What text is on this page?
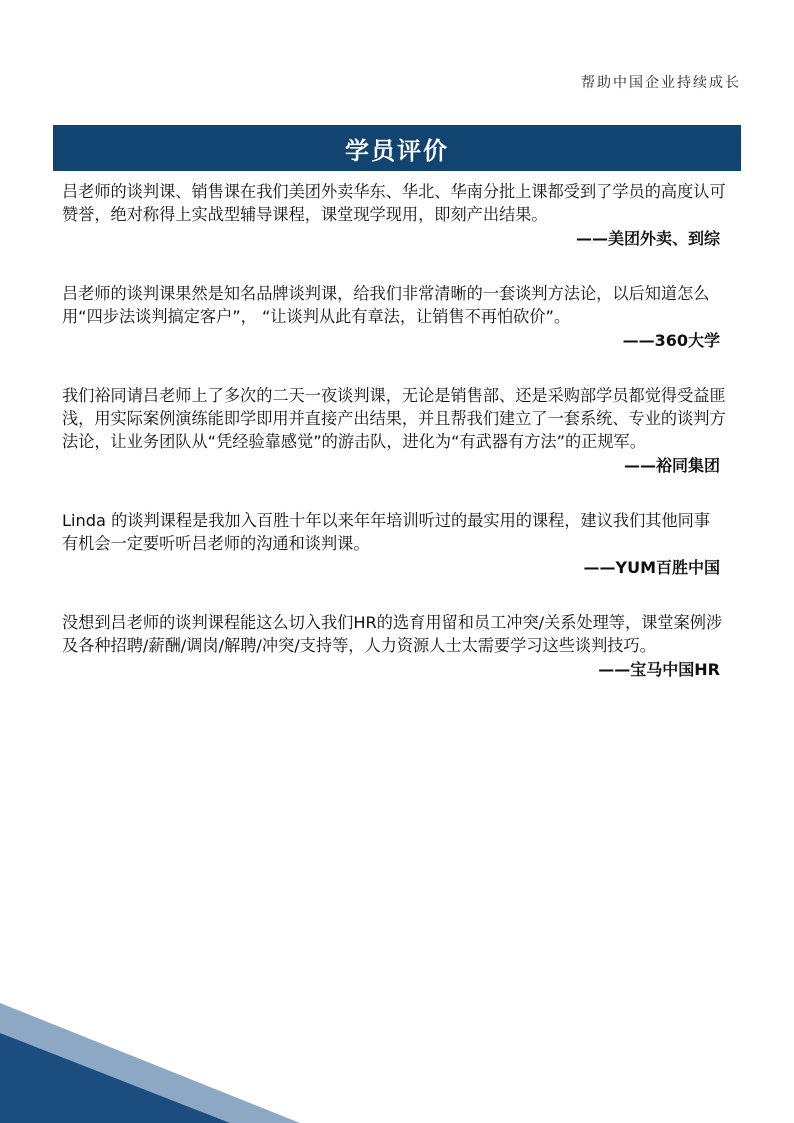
帮助中国企业持续成长
学员评价

吕老师的谈判课、销售课在我们美团外卖华东、华北、华南分批上课都受到了学员的高度认可赞誉，绝对称得上实战型辅导课程，课堂现学现用，即刻产出结果。

——美团外卖、到综

吕老师的谈判课果然是知名品牌谈判课，给我们非常清晰的一套谈判方法论，以后知道怎么用“四步法谈判搞定客户”， “让谈判从此有章法，让销售不再怕砍价”。

——360大学

我们裕同请吕老师上了多次的二天一夜谈判课，无论是销售部、还是采购部学员都觉得受益匪浅，用实际案例演练能即学即用并直接产出结果，并且帮我们建立了一套系统、专业的谈判方法论，让业务团队从“凭经验靠感觉”的游击队，进化为“有武器有方法”的正规军。

——裕同集团

Linda 的谈判课程是我加入百胜十年以来年年培训听过的最实用的课程，建议我们其他同事有机会一定要听听吕老师的沟通和谈判课。

——YUM百胜中国

没想到吕老师的谈判课程能这么切入我们HR的选育用留和员工冲突/关系处理等，课堂案例涉及各种招聘/薪酬/调岗/解聘/冲突/支持等，人力资源人士太需要学习这些谈判技巧。

——宝马中国HR
